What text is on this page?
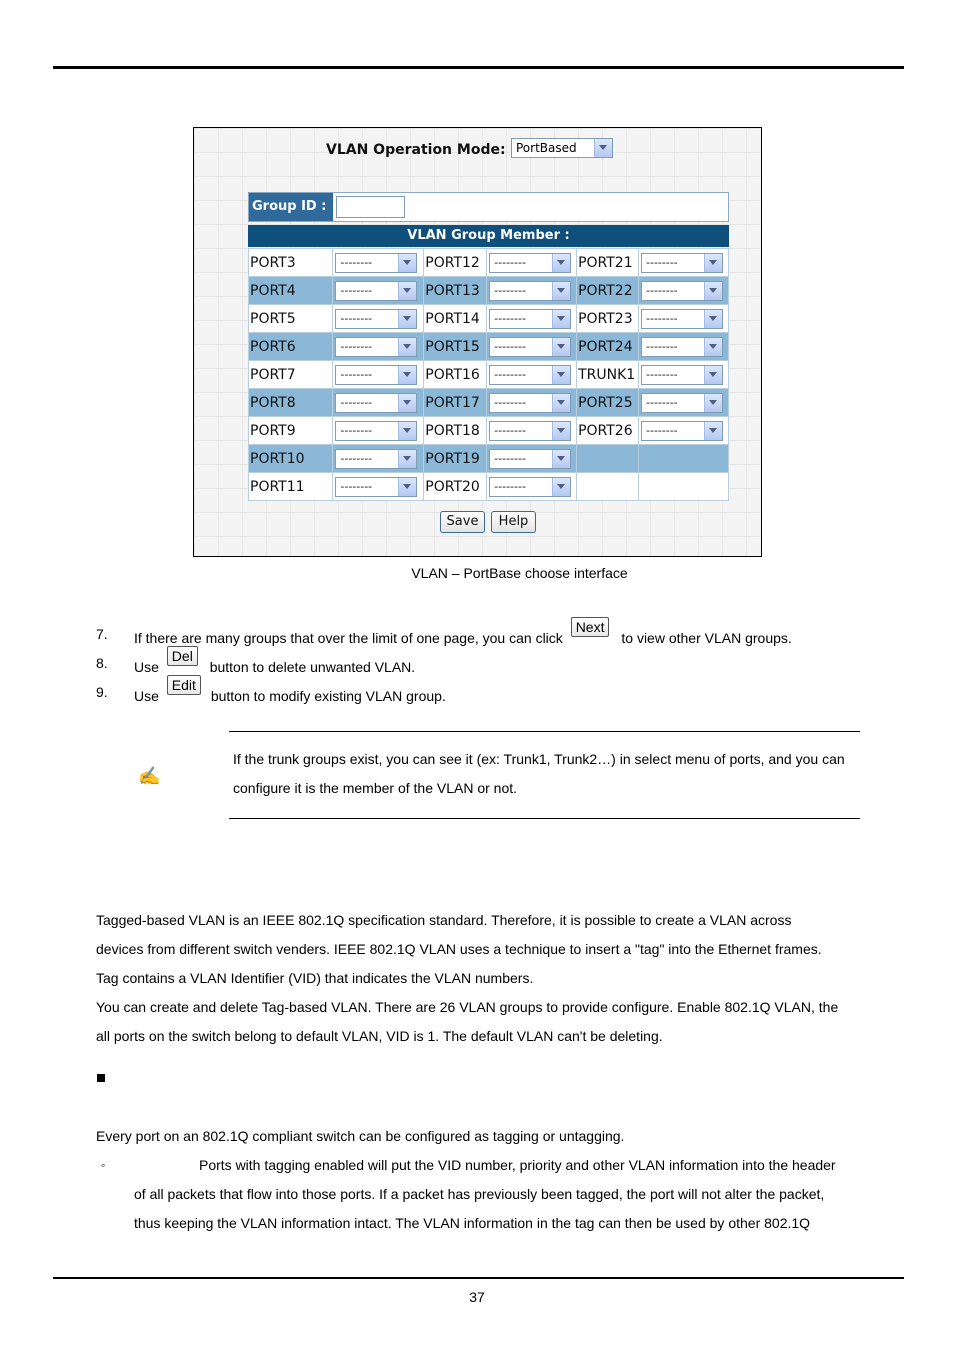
VLAN Operation Mode: PortBased
Group ID :
VLAN Group Member :
PORT3	--------	PORT12	--------	PORT21	--------

PORT4	--------	PORT13	--------	PORT22	--------

PORT5	--------	PORT14	--------	PORT23	--------

PORT6	--------	PORT15	--------	PORT24	--------

PORT7	--------	PORT16	--------	TRUNK1	--------

PORT8	--------	PORT17	--------	PORT25	--------

PORT9	--------	PORT18	--------	PORT26	--------

PORT10	--------	PORT19	--------		

PORT11	--------	PORT20	--------		

Save	Help
VLAN – PortBase choose interface
7. If there are many groups that over the limit of one page, you can click Next to view other VLAN groups.
8. Use Del button to delete unwanted VLAN.
9. Use Edit button to modify existing VLAN group.
✍
If the trunk groups exist, you can see it (ex: Trunk1, Trunk2…) in select menu of ports, and you can
configure it is the member of the VLAN or not.
Tagged-based VLAN is an IEEE 802.1Q specification standard. Therefore, it is possible to create a VLAN across
devices from different switch venders. IEEE 802.1Q VLAN uses a technique to insert a "tag" into the Ethernet frames.
Tag contains a VLAN Identifier (VID) that indicates the VLAN numbers.
You can create and delete Tag-based VLAN. There are 26 VLAN groups to provide configure. Enable 802.1Q VLAN, the
all ports on the switch belong to default VLAN, VID is 1. The default VLAN can't be deleting.
Every port on an 802.1Q compliant switch can be configured as tagging or untagging.
◦	Ports with tagging enabled will put the VID number, priority and other VLAN information into the header
of all packets that flow into those ports. If a packet has previously been tagged, the port will not alter the packet,
thus keeping the VLAN information intact. The VLAN information in the tag can then be used by other 802.1Q
37
